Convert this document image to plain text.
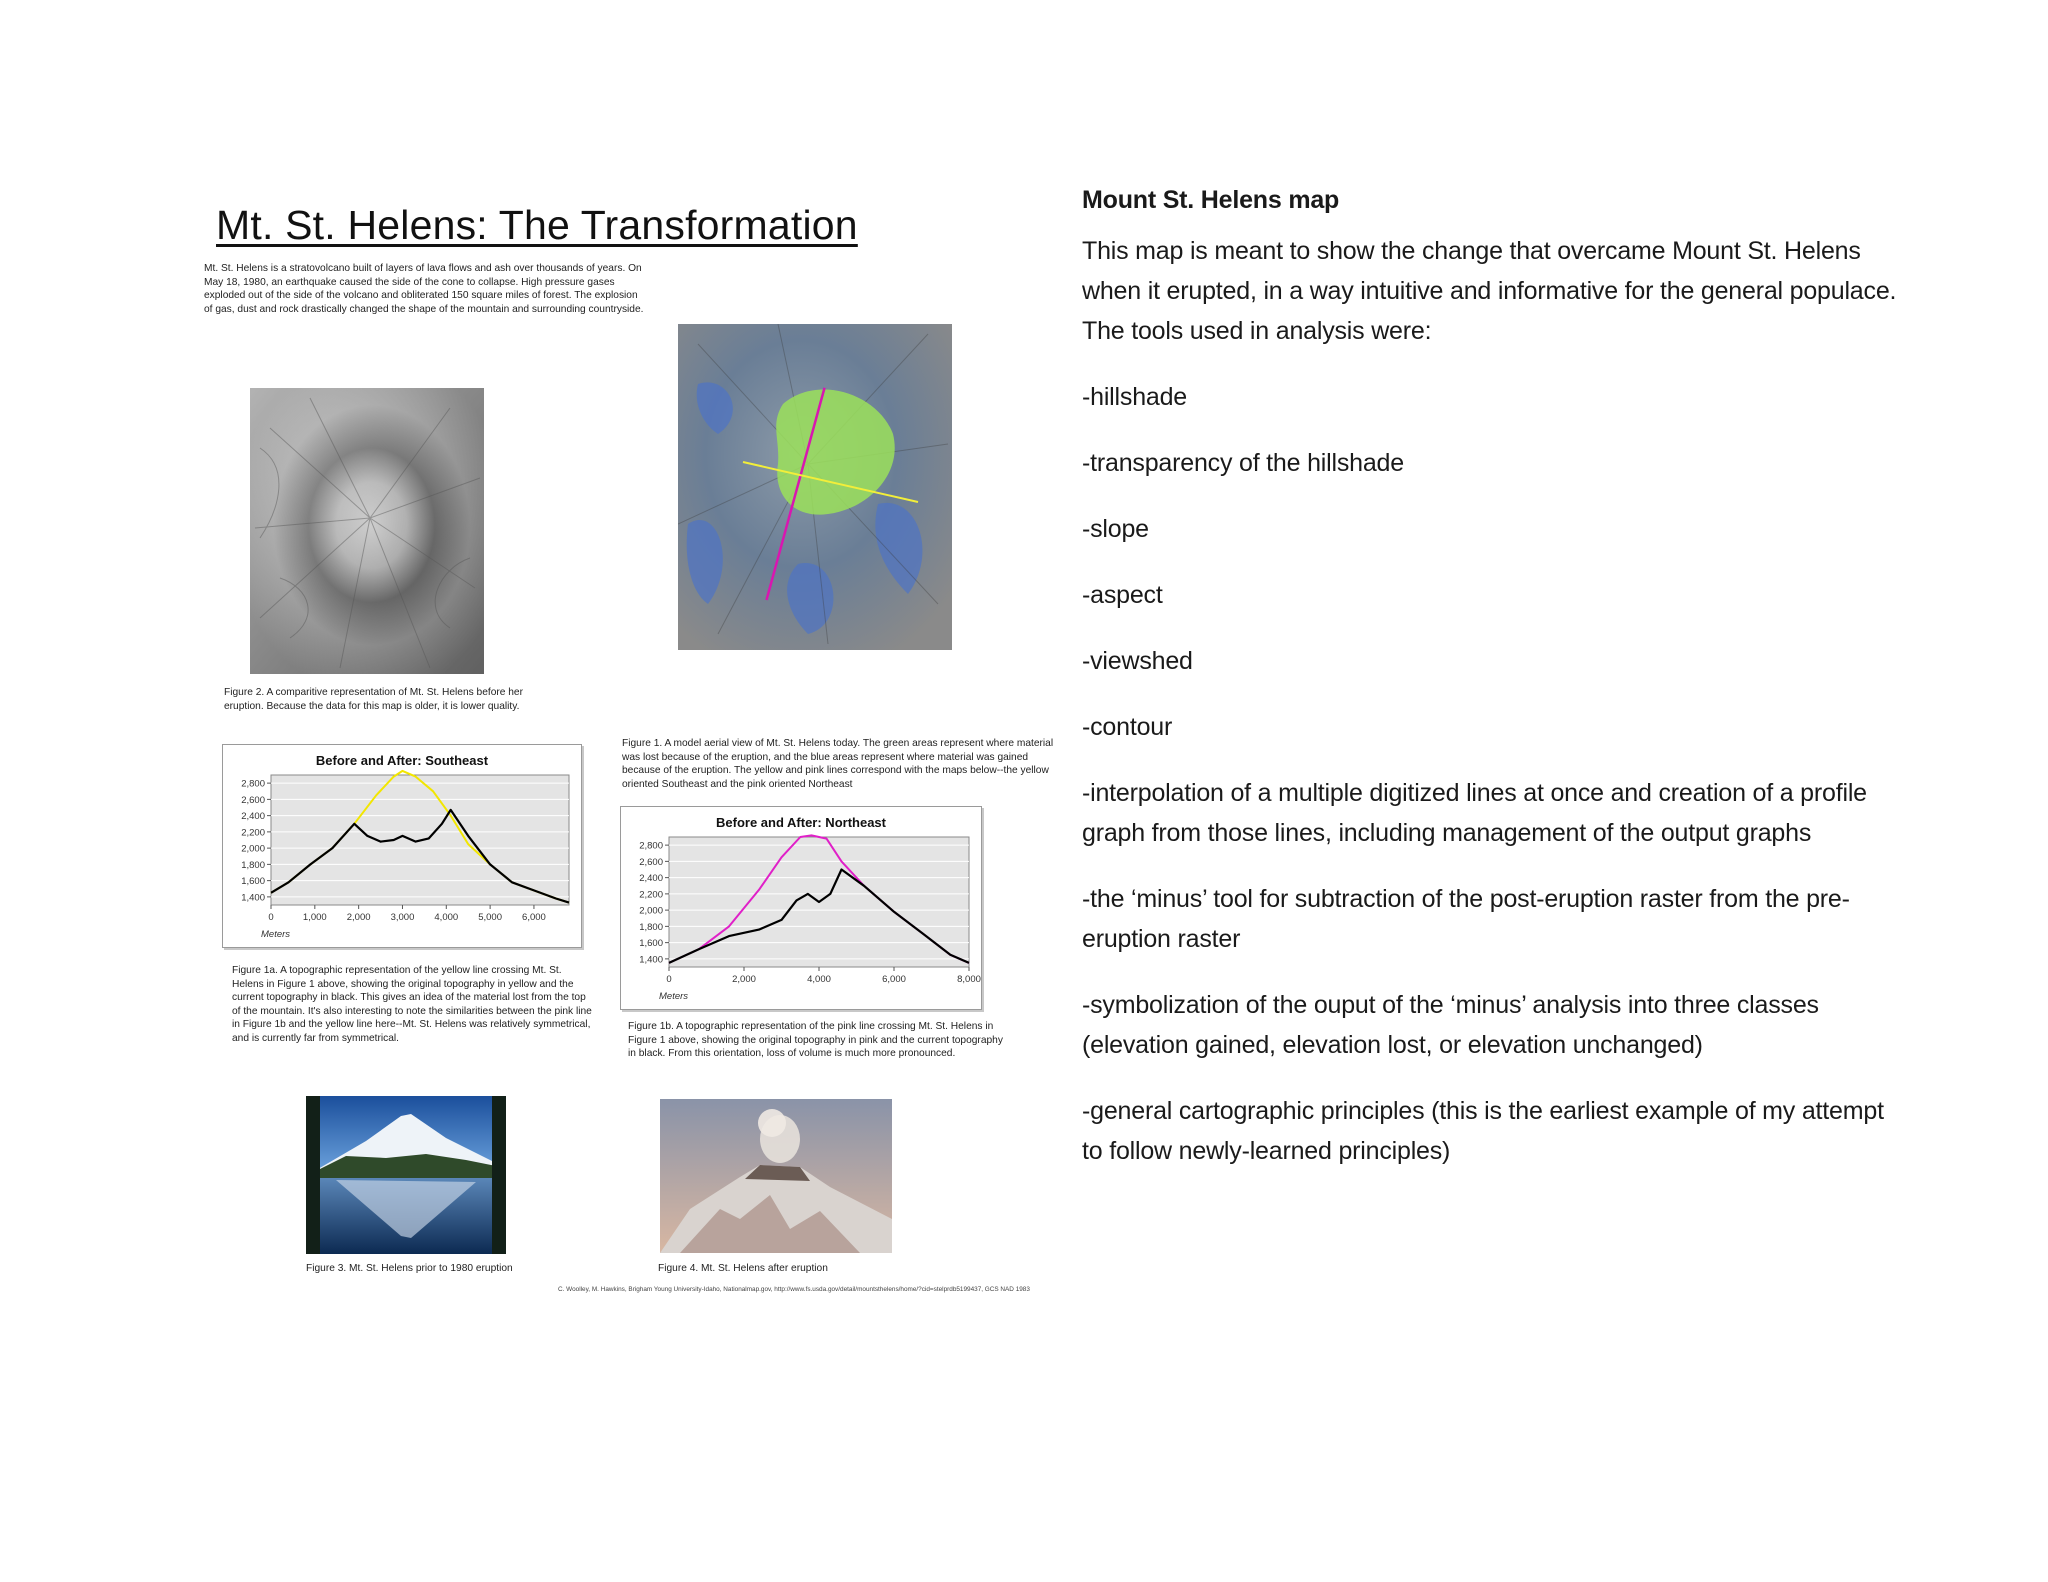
Mt. St. Helens: The Transformation
Mt. St. Helens is a stratovolcano built of layers of lava flows and ash over thousands of years. On May 18, 1980, an earthquake caused the side of the cone to collapse. High pressure gases exploded out of the side of the volcano and obliterated 150 square miles of forest. The explosion of gas, dust and rock drastically changed the shape of the mountain and surrounding countryside.
Figure 2. A comparitive representation of Mt. St. Helens before her eruption. Because the data for this map is older, it is lower quality.
Figure 1. A model aerial view of Mt. St. Helens today. The green areas represent where material was lost because of the eruption, and the blue areas represent where material was gained because of the eruption. The yellow and pink lines correspond with the maps below--the yellow oriented Southeast and the pink oriented Northeast
Before and After: Southeast
1,400
1,600
1,800
2,000
2,200
2,400
2,600
2,800
0	1,000 2,000 3,000 4,000 5,000 6,000
Meters
Before and After: Northeast
1,400
1,600
1,800
2,000
2,200
2,400
2,600
2,800
0	2,000	4,000	6,000	8,000
Meters
Figure 1a. A topographic representation of the yellow line crossing Mt. St. Helens in Figure 1 above, showing the original topography in yellow and the current topography in black. This gives an idea of the material lost from the top of the mountain. It's also interesting to note the similarities between the pink line in Figure 1b and the yellow line here--Mt. St. Helens was relatively symmetrical, and is currently far from symmetrical.
Figure 1b. A topographic representation of the pink line crossing Mt. St. Helens in Figure 1 above, showing the original topography in pink and the current topography in black. From this orientation, loss of volume is much more pronounced.
Figure 3. Mt. St. Helens prior to 1980 eruption	Figure 4. Mt. St. Helens after eruption
C. Woolley, M. Hawkins, Brigham Young University-Idaho, Nationalmap.gov, http://www.fs.usda.gov/detail/mountsthelens/home/?cid=stelprdb5199437, GCS NAD 1983
Mount St. Helens map
This map is meant to show the change that overcame Mount St. Helens when it erupted, in a way intuitive and informative for the general populace. The tools used in analysis were:
-hillshade
-transparency of the hillshade
-slope
-aspect
-viewshed
-contour
-interpolation of a multiple digitized lines at once and creation of a profile graph from those lines, including management of the output graphs
-the ‘minus’ tool for subtraction of the post-eruption raster from the pre-eruption raster
-symbolization of the ouput of the ‘minus’ analysis into three classes (elevation gained, elevation lost, or elevation unchanged)
-general cartographic principles (this is the earliest example of my attempt to follow newly-learned principles)
